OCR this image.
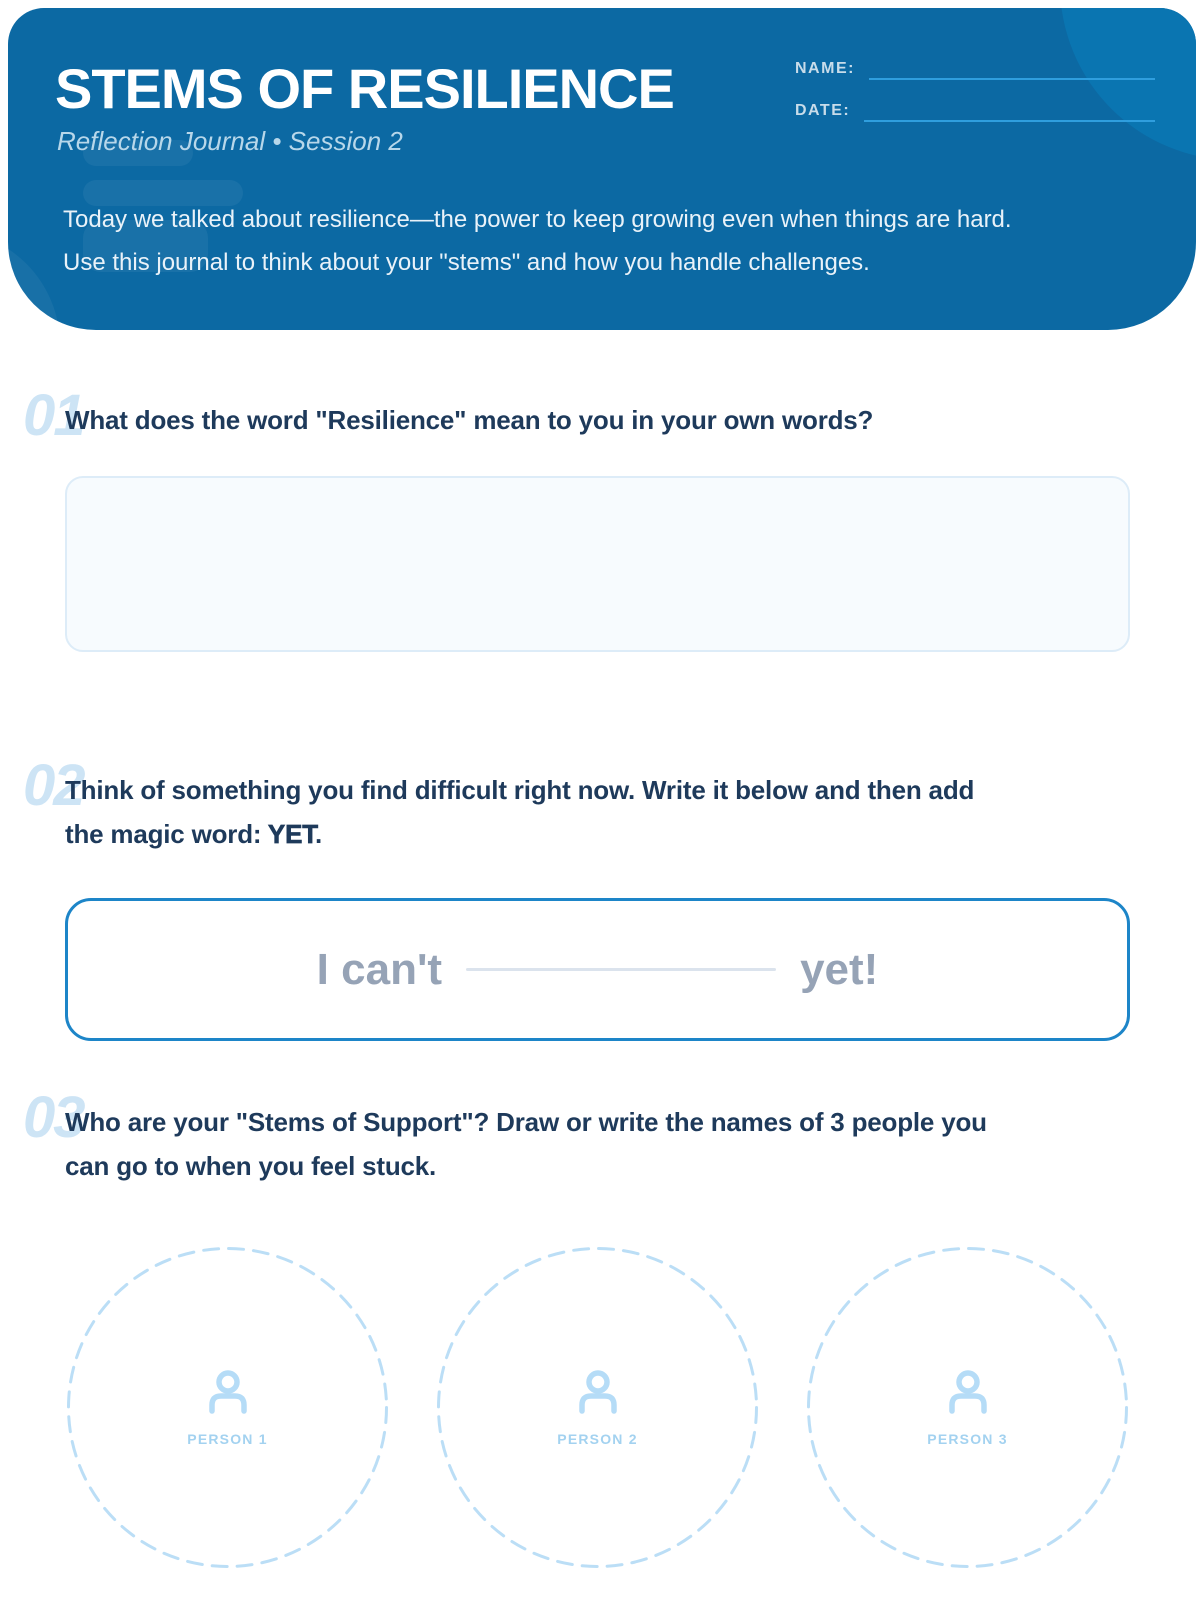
STEMS OF RESILIENCE
Reflection Journal • Session 2
NAME:
DATE:
Today we talked about resilience—the power to keep growing even when things are hard.
Use this journal to think about your "stems" and how you handle challenges.
01
What does the word "Resilience" mean to you in your own words?
02
Think of something you find difficult right now. Write it below and then add
the magic word: YET.
I can't	yet!
03
Who are your "Stems of Support"? Draw or write the names of 3 people you
can go to when you feel stuck.
PERSON 1	PERSON 2	PERSON 3
